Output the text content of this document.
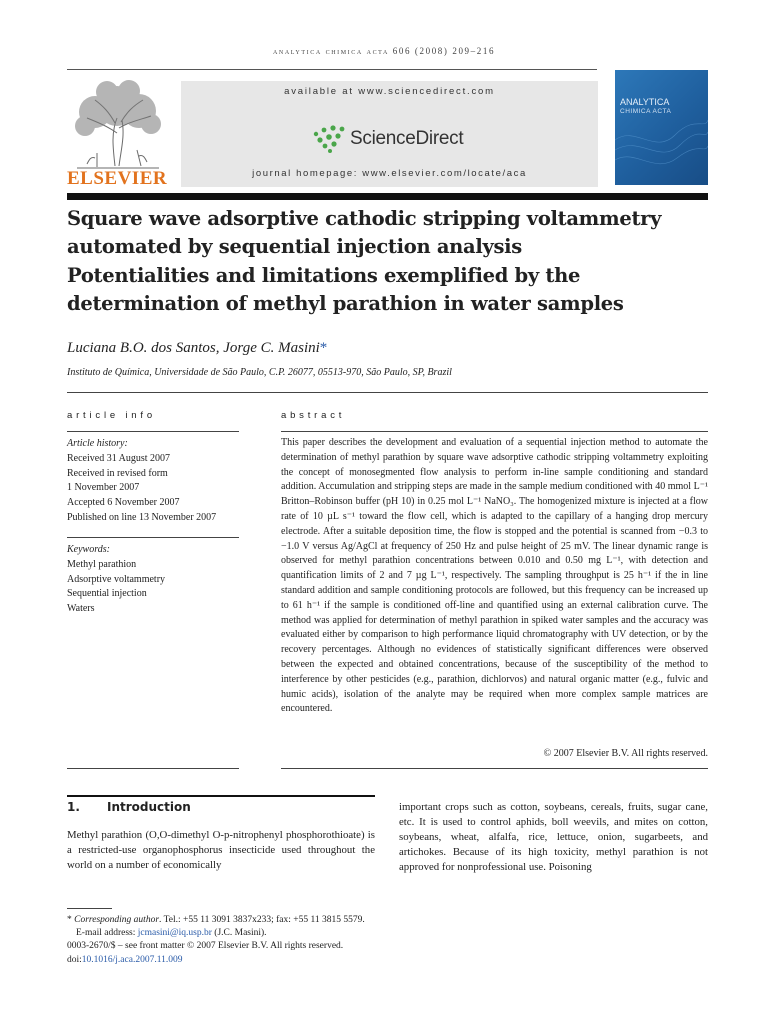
analytica chimica acta 606 (2008) 209–216
ELSEVIER
available at www.sciencedirect.com
ScienceDirect
journal homepage: www.elsevier.com/locate/aca
ANALYTICA
CHIMICA ACTA
Square wave adsorptive cathodic stripping voltammetry
automated by sequential injection analysis
Potentialities and limitations exemplified by the
determination of methyl parathion in water samples
Luciana B.O. dos Santos, Jorge C. Masini*
Instituto de Química, Universidade de São Paulo, C.P. 26077, 05513-970, São Paulo, SP, Brazil
article info
Article history:
Received 31 August 2007
Received in revised form
1 November 2007
Accepted 6 November 2007
Published on line 13 November 2007
Keywords:
Methyl parathion
Adsorptive voltammetry
Sequential injection
Waters
abstract
This paper describes the development and evaluation of a sequential injection method to automate the determination of methyl parathion by square wave adsorptive cathodic stripping voltammetry exploiting the concept of monosegmented flow analysis to perform in-line sample conditioning and standard addition. Accumulation and stripping steps are made in the sample medium conditioned with 40 mmol L⁻¹ Britton–Robinson buffer (pH 10) in 0.25 mol L⁻¹ NaNO₃. The homogenized mixture is injected at a flow rate of 10 µL s⁻¹ toward the flow cell, which is adapted to the capillary of a hanging drop mercury electrode. After a suitable deposition time, the flow is stopped and the potential is scanned from −0.3 to −1.0 V versus Ag/AgCl at frequency of 250 Hz and pulse height of 25 mV. The linear dynamic range is observed for methyl parathion concentrations between 0.010 and 0.50 mg L⁻¹, with detection and quantification limits of 2 and 7 µg L⁻¹, respectively. The sampling throughput is 25 h⁻¹ if the in line standard addition and sample conditioning protocols are followed, but this frequency can be increased up to 61 h⁻¹ if the sample is conditioned off-line and quantified using an external calibration curve. The method was applied for determination of methyl parathion in spiked water samples and the accuracy was evaluated either by comparison to high performance liquid chromatography with UV detection, or by the recovery percentages. Although no evidences of statistically significant differences were observed between the expected and obtained concentrations, because of the susceptibility of the method to interference by other pesticides (e.g., parathion, dichlorvos) and natural organic matter (e.g., fulvic and humic acids), isolation of the analyte may be required when more complex sample matrices are encountered.
© 2007 Elsevier B.V. All rights reserved.
1. Introduction
Methyl parathion (O,O-dimethyl O-p-nitrophenyl phosphorothioate) is a restricted-use organophosphorus insecticide used throughout the world on a number of economically
important crops such as cotton, soybeans, cereals, fruits, sugar cane, etc. It is used to control aphids, boll weevils, and mites on cotton, soybeans, wheat, alfalfa, rice, lettuce, onion, sugarbeets, and artichokes. Because of its high toxicity, methyl parathion is not approved for nonprofessional use. Poisoning
* Corresponding author. Tel.: +55 11 3091 3837x233; fax: +55 11 3815 5579.
E-mail address: jcmasini@iq.usp.br (J.C. Masini).
0003-2670/$ – see front matter © 2007 Elsevier B.V. All rights reserved.
doi:10.1016/j.aca.2007.11.009
